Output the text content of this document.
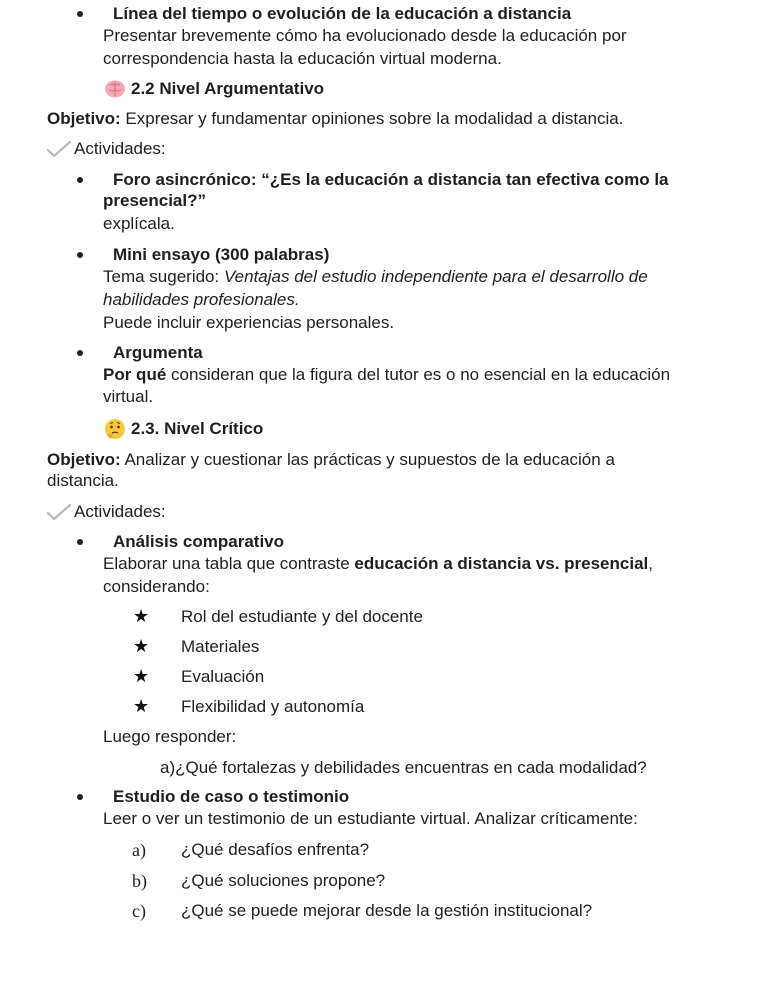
Línea del tiempo o evolución de la educación a distancia
Presentar brevemente cómo ha evolucionado desde la educación por
correspondencia hasta la educación virtual moderna.
2.2 Nivel Argumentativo
Objetivo: Expresar y fundamentar opiniones sobre la modalidad a distancia.
Actividades:
Foro asincrónico: “¿Es la educación a distancia tan efectiva como la
presencial?”
explícala.
Mini ensayo (300 palabras)
Tema sugerido: Ventajas del estudio independiente para el desarrollo de
habilidades profesionales.
Puede incluir experiencias personales.
Argumenta
Por qué consideran que la figura del tutor es o no esencial en la educación
virtual.
2.3. Nivel Crítico
Objetivo: Analizar y cuestionar las prácticas y supuestos de la educación a
distancia.
Actividades:
Análisis comparativo
Elaborar una tabla que contraste educación a distancia vs. presencial,
considerando:
★ Rol del estudiante y del docente
★ Materiales
★ Evaluación
★ Flexibilidad y autonomía
Luego responder:
a)¿Qué fortalezas y debilidades encuentras en cada modalidad?
Estudio de caso o testimonio
Leer o ver un testimonio de un estudiante virtual. Analizar críticamente:
a) ¿Qué desafíos enfrenta?
b) ¿Qué soluciones propone?
c) ¿Qué se puede mejorar desde la gestión institucional?
